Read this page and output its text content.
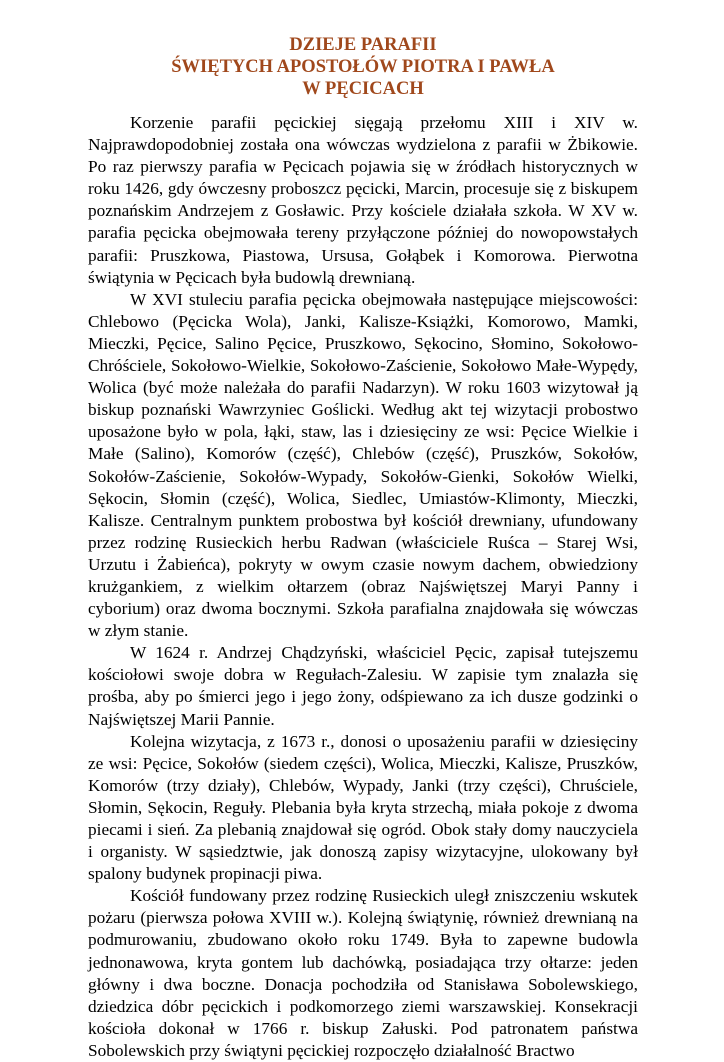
DZIEJE PARAFII
ŚWIĘTYCH APOSTOŁÓW PIOTRA I PAWŁA
W PĘCICACH

Korzenie parafii pęcickiej sięgają przełomu XIII i XIV w. Najprawdopodobniej została ona wówczas wydzielona z parafii w Żbikowie. Po raz pierwszy parafia w Pęcicach pojawia się w źródłach historycznych w roku 1426, gdy ówczesny proboszcz pęcicki, Marcin, procesuje się z biskupem poznańskim Andrzejem z Gosławic. Przy kościele działała szkoła. W XV w. parafia pęcicka obejmowała tereny przyłączone później do nowopowstałych parafii: Pruszkowa, Piastowa, Ursusa, Gołąbek i Komorowa. Pierwotna świątynia w Pęcicach była budowlą drewnianą.

W XVI stuleciu parafia pęcicka obejmowała następujące miejscowości: Chlebowo (Pęcicka Wola), Janki, Kalisze-Książki, Komorowo, Mamki, Mieczki, Pęcice, Salino Pęcice, Pruszkowo, Sękocino, Słomino, Sokołowo-Chróściele, Sokołowo-Wielkie, Sokołowo-Zaścienie, Sokołowo Małe-Wypędy, Wolica (być może należała do parafii Nadarzyn). W roku 1603 wizytował ją biskup poznański Wawrzyniec Goślicki. Według akt tej wizytacji probostwo uposażone było w pola, łąki, staw, las i dziesięciny ze wsi: Pęcice Wielkie i Małe (Salino), Komorów (część), Chlebów (część), Pruszków, Sokołów, Sokołów-Zaścienie, Sokołów-Wypady, Sokołów-Gienki, Sokołów Wielki, Sękocin, Słomin (część), Wolica, Siedlec, Umiastów-Klimonty, Mieczki, Kalisze. Centralnym punktem probostwa był kościół drewniany, ufundowany przez rodzinę Rusieckich herbu Radwan (właściciele Ruśca – Starej Wsi, Urzutu i Żabieńca), pokryty w owym czasie nowym dachem, obwiedziony krużgankiem, z wielkim ołtarzem (obraz Najświętszej Maryi Panny i cyborium) oraz dwoma bocznymi. Szkoła parafialna znajdowała się wówczas w złym stanie.

W 1624 r. Andrzej Chądzyński, właściciel Pęcic, zapisał tutejszemu kościołowi swoje dobra w Regułach-Zalesiu. W zapisie tym znalazła się prośba, aby po śmierci jego i jego żony, odśpiewano za ich dusze godzinki o Najświętszej Marii Pannie.

Kolejna wizytacja, z 1673 r., donosi o uposażeniu parafii w dziesięciny ze wsi: Pęcice, Sokołów (siedem części), Wolica, Mieczki, Kalisze, Pruszków, Komorów (trzy działy), Chlebów, Wypady, Janki (trzy części), Chruściele, Słomin, Sękocin, Reguły. Plebania była kryta strzechą, miała pokoje z dwoma piecami i sień. Za plebanią znajdował się ogród. Obok stały domy nauczyciela i organisty. W sąsiedztwie, jak donoszą zapisy wizytacyjne, ulokowany był spalony budynek propinacji piwa.

Kościół fundowany przez rodzinę Rusieckich uległ zniszczeniu wskutek pożaru (pierwsza połowa XVIII w.). Kolejną świątynię, również drewnianą na podmurowaniu, zbudowano około roku 1749. Była to zapewne budowla jednonawowa, kryta gontem lub dachówką, posiadająca trzy ołtarze: jeden główny i dwa boczne. Donacja pochodziła od Stanisława Sobolewskiego, dziedzica dóbr pęcickich i podkomorzego ziemi warszawskiej. Konsekracji kościoła dokonał w 1766 r. biskup Załuski. Pod patronatem państwa Sobolewskich przy świątyni pęcickiej rozpoczęło działalność Bractwo
